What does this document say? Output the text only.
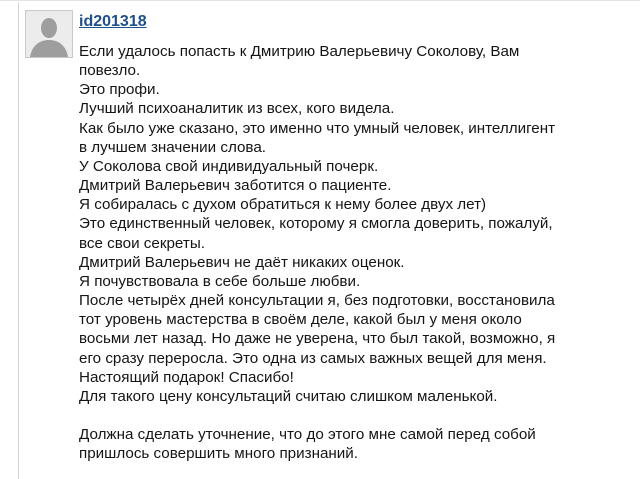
id201318
Если удалось попасть к Дмитрию Валерьевичу Соколову, Вам
повезло.
Это профи.
Лучший психоаналитик из всех, кого видела.
Как было уже сказано, это именно что умный человек, интеллигент
в лучшем значении слова.
У Соколова свой индивидуальный почерк.
Дмитрий Валерьевич заботится о пациенте.
Я собиралась с духом обратиться к нему более двух лет)
Это единственный человек, которому я смогла доверить, пожалуй,
все свои секреты.
Дмитрий Валерьевич не даёт никаких оценок.
Я почувствовала в себе больше любви.
После четырёх дней консультации я, без подготовки, восстановила
тот уровень мастерства в своём деле, какой был у меня около
восьми лет назад. Но даже не уверена, что был такой, возможно, я
его сразу переросла. Это одна из самых важных вещей для меня.
Настоящий подарок! Спасибо!
Для такого цену консультаций считаю слишком маленькой.
Должна сделать уточнение, что до этого мне самой перед собой
пришлось совершить много признаний.
